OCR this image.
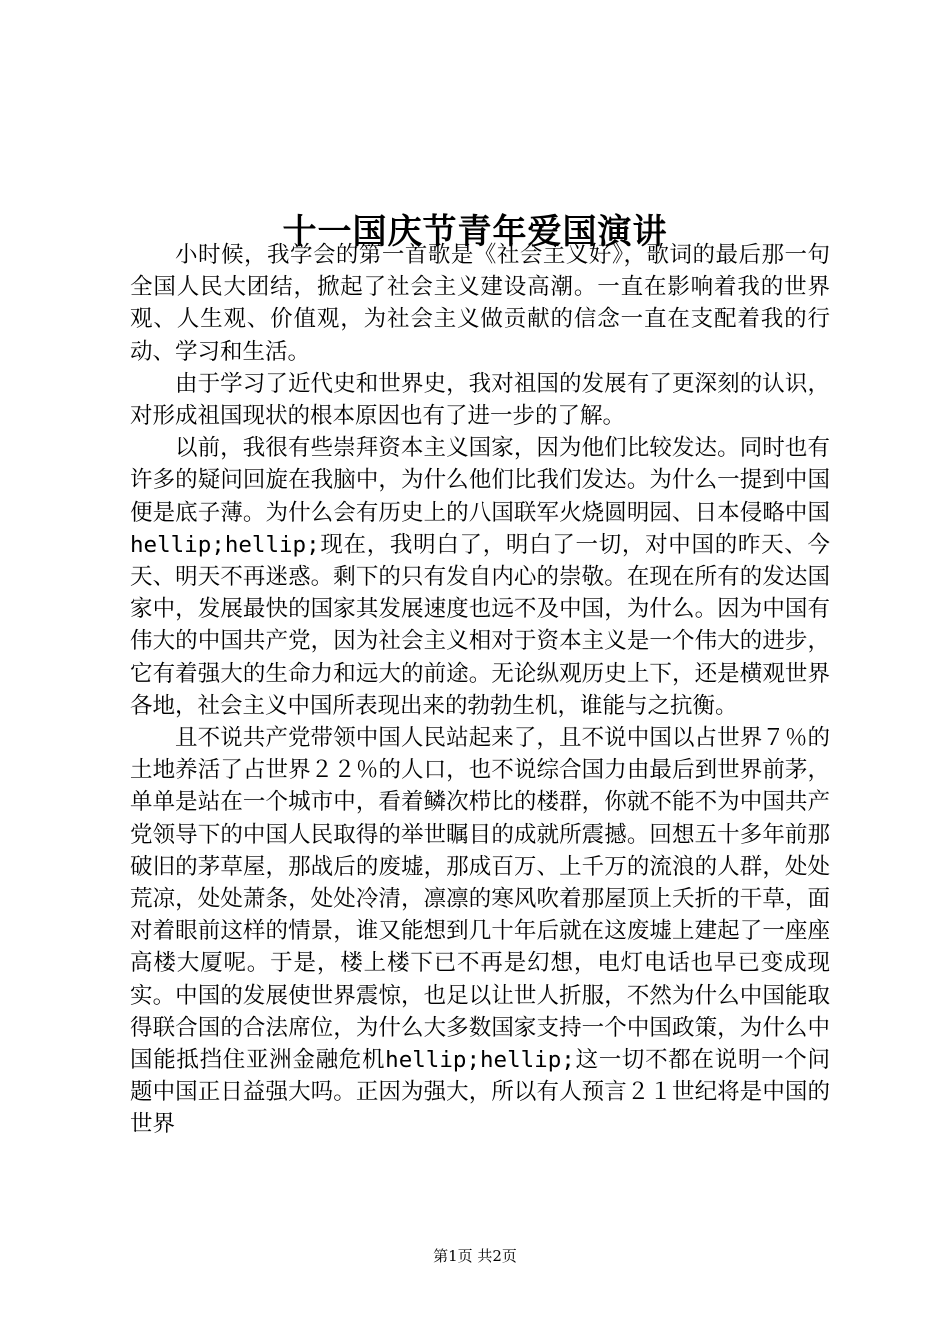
十一国庆节青年爱国演讲

小时候，我学会的第一首歌是《社会主义好》，歌词的最后那一句全国人民大团结，掀起了社会主义建设高潮。一直在影响着我的世界观、人生观、价值观，为社会主义做贡献的信念一直在支配着我的行动、学习和生活。

由于学习了近代史和世界史，我对祖国的发展有了更深刻的认识，对形成祖国现状的根本原因也有了进一步的了解。

以前，我很有些崇拜资本主义国家，因为他们比较发达。同时也有许多的疑问回旋在我脑中，为什么他们比我们发达。为什么一提到中国便是底子薄。为什么会有历史上的八国联军火烧圆明园、日本侵略中国hellip;hellip;现在，我明白了，明白了一切，对中国的昨天、今天、明天不再迷惑。剩下的只有发自内心的崇敬。在现在所有的发达国家中，发展最快的国家其发展速度也远不及中国，为什么。因为中国有伟大的中国共产党，因为社会主义相对于资本主义是一个伟大的进步，它有着强大的生命力和远大的前途。无论纵观历史上下，还是横观世界各地，社会主义中国所表现出来的勃勃生机，谁能与之抗衡。

且不说共产党带领中国人民站起来了，且不说中国以占世界７％的土地养活了占世界２２％的人口，也不说综合国力由最后到世界前茅，单单是站在一个城市中，看着鳞次栉比的楼群，你就不能不为中国共产党领导下的中国人民取得的举世瞩目的成就所震撼。回想五十多年前那破旧的茅草屋，那战后的废墟，那成百万、上千万的流浪的人群，处处荒凉，处处萧条，处处冷清，凛凛的寒风吹着那屋顶上夭折的干草，面对着眼前这样的情景，谁又能想到几十年后就在这废墟上建起了一座座高楼大厦呢。于是，楼上楼下已不再是幻想，电灯电话也早已变成现实。中国的发展使世界震惊，也足以让世人折服，不然为什么中国能取得联合国的合法席位，为什么大多数国家支持一个中国政策，为什么中国能抵挡住亚洲金融危机hellip;hellip;这一切不都在说明一个问题中国正日益强大吗。正因为强大，所以有人预言２１世纪将是中国的世界

第1页 共2页
